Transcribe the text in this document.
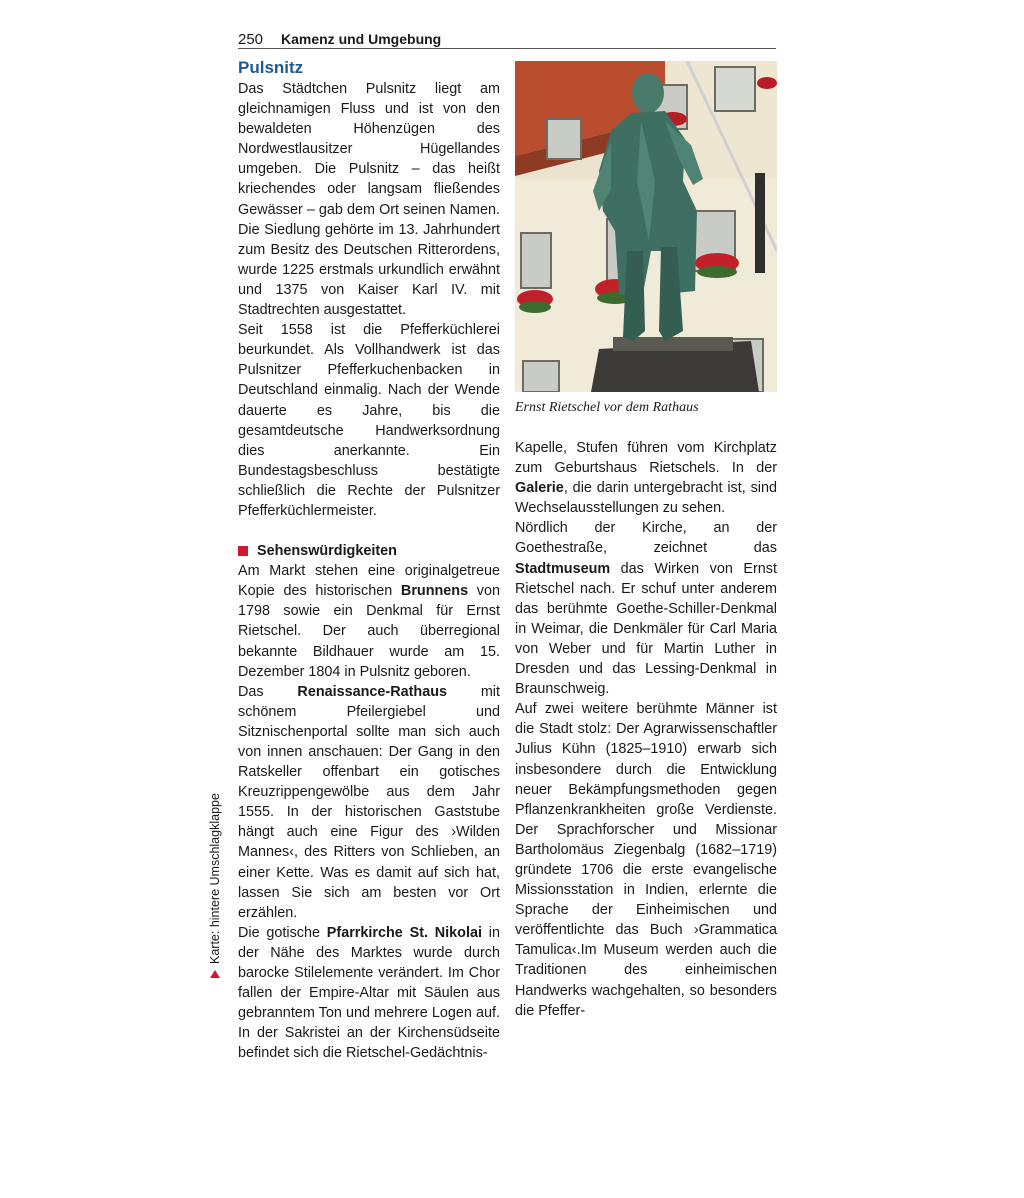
250 Kamenz und Umgebung
Pulsnitz

Das Städtchen Pulsnitz liegt am gleichnamigen Fluss und ist von den bewaldeten Höhenzügen des Nordwestlausitzer Hügellandes umgeben. Die Pulsnitz – das heißt kriechendes oder langsam fließendes Gewässer – gab dem Ort seinen Namen. Die Siedlung gehörte im 13. Jahrhundert zum Besitz des Deutschen Ritterordens, wurde 1225 erstmals urkundlich erwähnt und 1375 von Kaiser Karl IV. mit Stadtrechten ausgestattet.

Seit 1558 ist die Pfefferküchlerei beurkundet. Als Vollhandwerk ist das Pulsnitzer Pfefferkuchenbacken in Deutschland einmalig. Nach der Wende dauerte es Jahre, bis die gesamtdeutsche Handwerksordnung dies anerkannte. Ein Bundestagsbeschluss bestätigte schließlich die Rechte der Pulsnitzer Pfefferküchlermeister.

Sehenswürdigkeiten

Am Markt stehen eine originalgetreue Kopie des historischen Brunnens von 1798 sowie ein Denkmal für Ernst Rietschel. Der auch überregional bekannte Bildhauer wurde am 15. Dezember 1804 in Pulsnitz geboren.

Das Renaissance-Rathaus mit schönem Pfeilergiebel und Sitznischenportal sollte man sich auch von innen anschauen: Der Gang in den Ratskeller offenbart ein gotisches Kreuzrippengewölbe aus dem Jahr 1555. In der historischen Gaststube hängt auch eine Figur des ›Wilden Mannes‹, des Ritters von Schlieben, an einer Kette. Was es damit auf sich hat, lassen Sie sich am besten vor Ort erzählen.

Die gotische Pfarrkirche St. Nikolai in der Nähe des Marktes wurde durch barocke Stilelemente verändert. Im Chor fallen der Empire-Altar mit Säulen aus gebranntem Ton und mehrere Logen auf. In der Sakristei an der Kirchensüdseite befindet sich die Rietschel-Gedächtnis-

Ernst Rietschel vor dem Rathaus

Kapelle, Stufen führen vom Kirchplatz zum Geburtshaus Rietschels. In der Galerie, die darin untergebracht ist, sind Wechselausstellungen zu sehen.

Nördlich der Kirche, an der Goethestraße, zeichnet das Stadtmuseum das Wirken von Ernst Rietschel nach. Er schuf unter anderem das berühmte Goethe-Schiller-Denkmal in Weimar, die Denkmäler für Carl Maria von Weber und für Martin Luther in Dresden und das Lessing-Denkmal in Braunschweig.

Auf zwei weitere berühmte Männer ist die Stadt stolz: Der Agrarwissenschaftler Julius Kühn (1825–1910) erwarb sich insbesondere durch die Entwicklung neuer Bekämpfungsmethoden gegen Pflanzenkrankheiten große Verdienste. Der Sprachforscher und Missionar Bartholomäus Ziegenbalg (1682–1719) gründete 1706 die erste evangelische Missionsstation in Indien, erlernte die Sprache der Einheimischen und veröffentlichte das Buch ›Grammatica Tamulica‹.Im Museum werden auch die Traditionen des einheimischen Handwerks wachgehalten, so besonders die Pfeffer-

Karte: hintere Umschlagklappe
